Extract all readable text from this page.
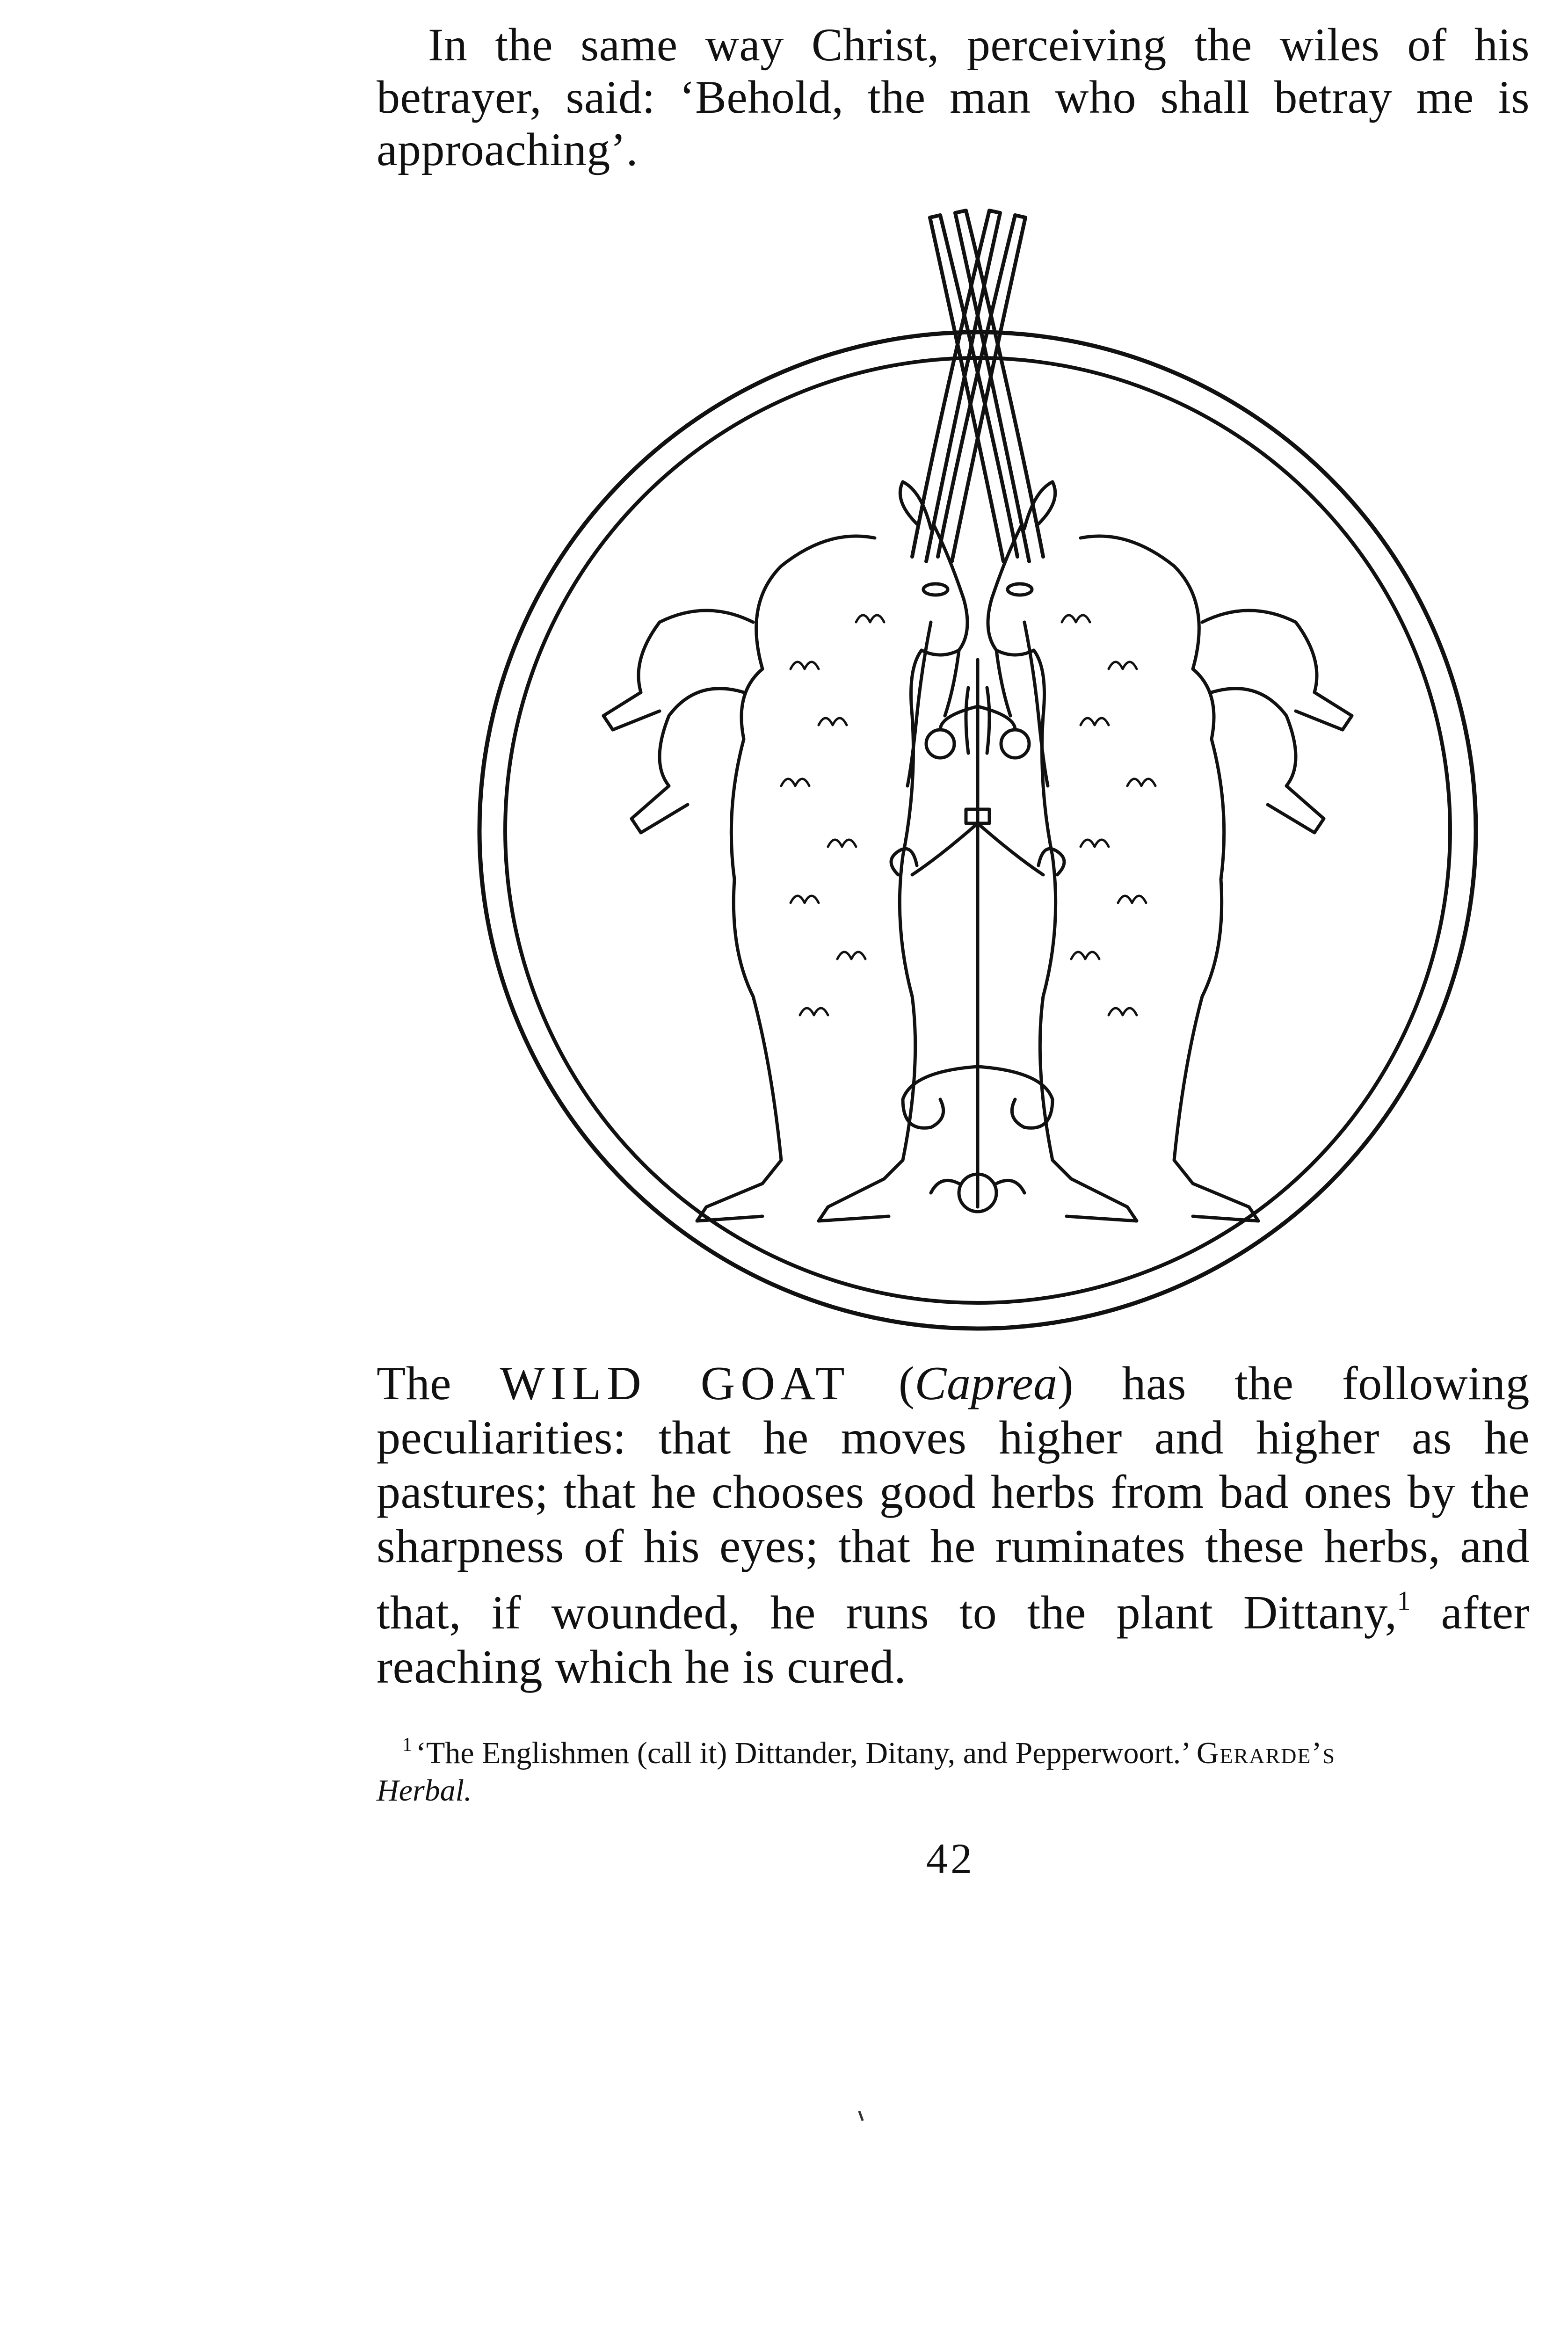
In the same way Christ, perceiving the wiles of his betrayer, said: ‘Behold, the man who shall betray me is approaching’.

The WILD GOAT (Caprea) has the following peculiarities: that he moves higher and higher as he pastures; that he chooses good herbs from bad ones by the sharpness of his eyes; that he ruminates these herbs, and that, if wounded, he runs to the plant Dittany,$^1$ after reaching which he is cured.

$^1$ ‘The Englishmen (call it) Dittander, Ditany, and Pepperwoort.’ Gerarde’s
Herbal.

42
